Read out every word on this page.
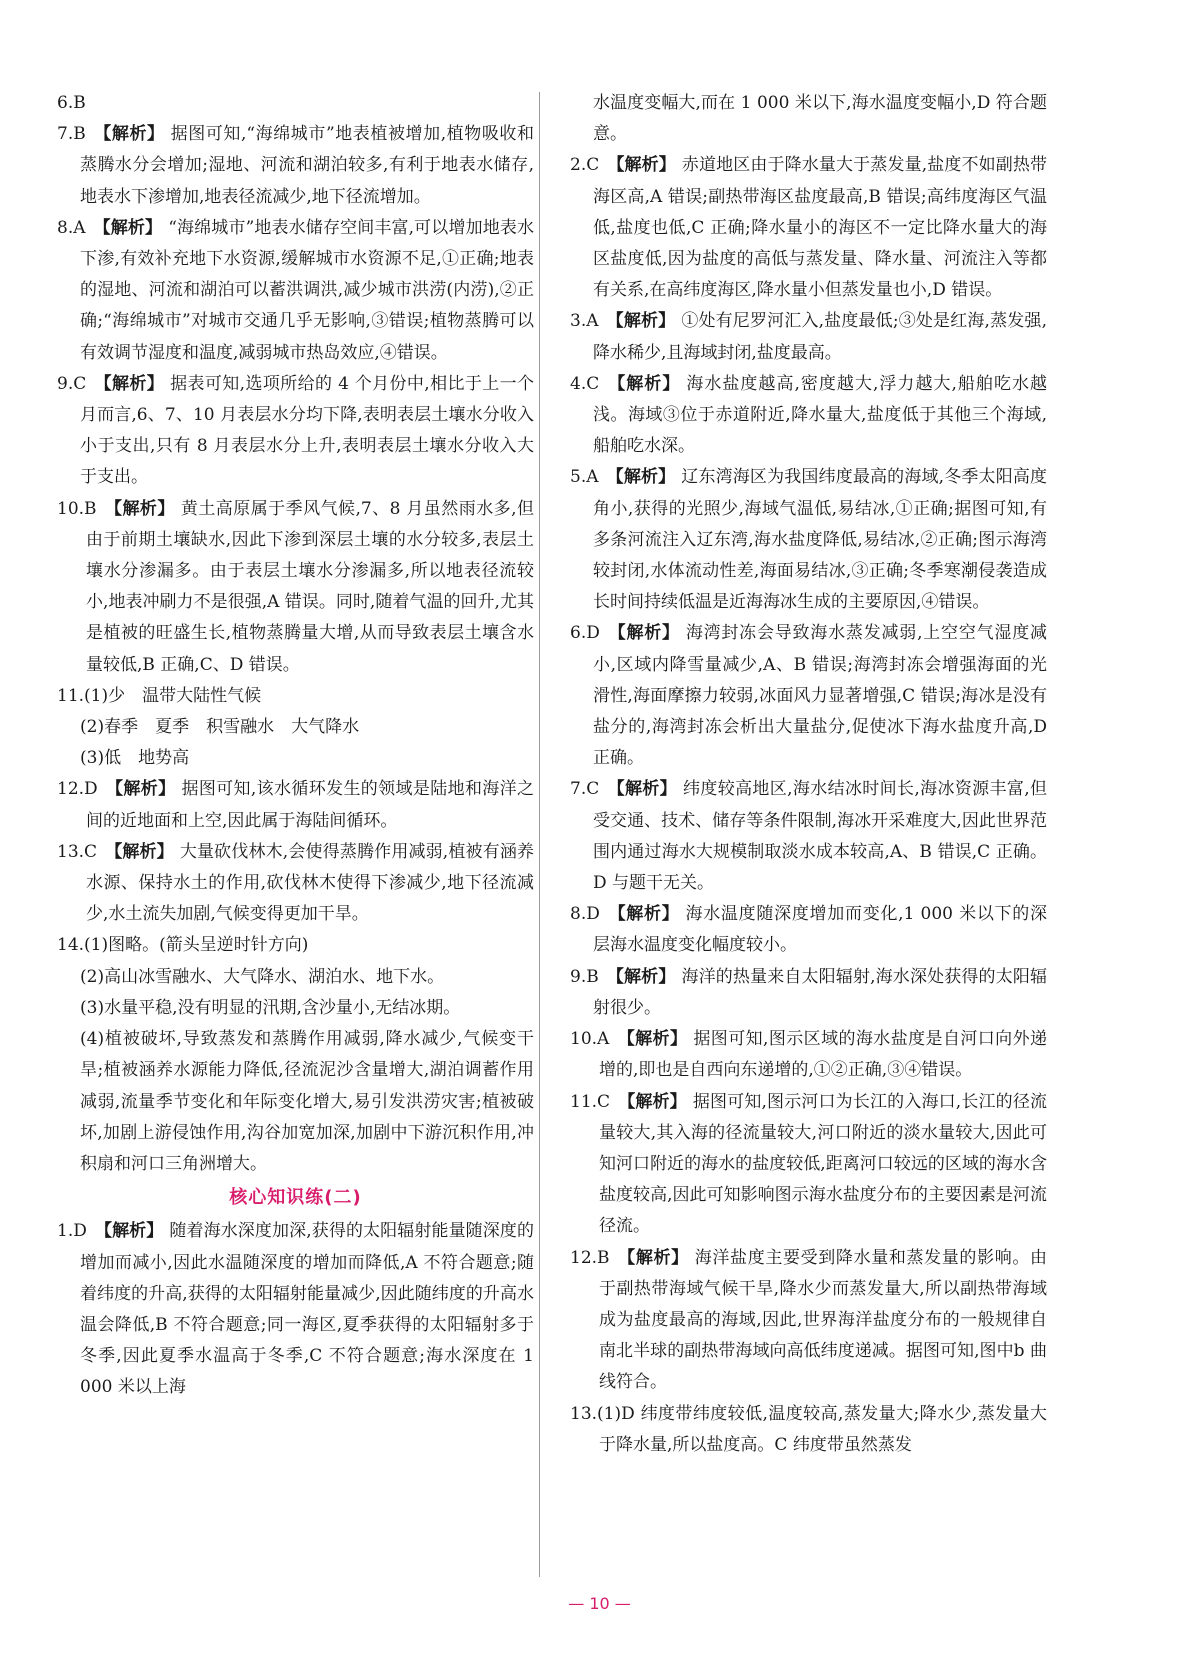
6.B

7.B 【解析】 据图可知,“海绵城市”地表植被增加,植物吸收和蒸腾水分会增加;湿地、河流和湖泊较多,有利于地表水储存,地表水下渗增加,地表径流减少,地下径流增加。

8.A 【解析】 “海绵城市”地表水储存空间丰富,可以增加地表水下渗,有效补充地下水资源,缓解城市水资源不足,①正确;地表的湿地、河流和湖泊可以蓄洪调洪,减少城市洪涝(内涝),②正确;“海绵城市”对城市交通几乎无影响,③错误;植物蒸腾可以有效调节湿度和温度,减弱城市热岛效应,④错误。

9.C 【解析】 据表可知,选项所给的 4 个月份中,相比于上一个月而言,6、7、10 月表层水分均下降,表明表层土壤水分收入小于支出,只有 8 月表层水分上升,表明表层土壤水分收入大于支出。

10.B 【解析】 黄土高原属于季风气候,7、8 月虽然雨水多,但由于前期土壤缺水,因此下渗到深层土壤的水分较多,表层土壤水分渗漏多。由于表层土壤水分渗漏多,所以地表径流较小,地表冲刷力不是很强,A 错误。同时,随着气温的回升,尤其是植被的旺盛生长,植物蒸腾量大增,从而导致表层土壤含水量较低,B 正确,C、D 错误。

11.(1)少　温带大陆性气候

(2)春季　夏季　积雪融水　大气降水

(3)低　地势高

12.D 【解析】 据图可知,该水循环发生的领域是陆地和海洋之间的近地面和上空,因此属于海陆间循环。

13.C 【解析】 大量砍伐林木,会使得蒸腾作用减弱,植被有涵养水源、保持水土的作用,砍伐林木使得下渗减少,地下径流减少,水土流失加剧,气候变得更加干旱。

14.(1)图略。(箭头呈逆时针方向)

(2)高山冰雪融水、大气降水、湖泊水、地下水。

(3)水量平稳,没有明显的汛期,含沙量小,无结冰期。

(4)植被破坏,导致蒸发和蒸腾作用减弱,降水减少,气候变干旱;植被涵养水源能力降低,径流泥沙含量增大,湖泊调蓄作用减弱,流量季节变化和年际变化增大,易引发洪涝灾害;植被破坏,加剧上游侵蚀作用,沟谷加宽加深,加剧中下游沉积作用,冲积扇和河口三角洲增大。

核心知识练(二)

1.D 【解析】 随着海水深度加深,获得的太阳辐射能量随深度的增加而减小,因此水温随深度的增加而降低,A 不符合题意;随着纬度的升高,获得的太阳辐射能量减少,因此随纬度的升高水温会降低,B 不符合题意;同一海区,夏季获得的太阳辐射多于冬季,因此夏季水温高于冬季,C 不符合题意;海水深度在 1 000 米以上海

水温度变幅大,而在 1 000 米以下,海水温度变幅小,D 符合题意。

2.C 【解析】 赤道地区由于降水量大于蒸发量,盐度不如副热带海区高,A 错误;副热带海区盐度最高,B 错误;高纬度海区气温低,盐度也低,C 正确;降水量小的海区不一定比降水量大的海区盐度低,因为盐度的高低与蒸发量、降水量、河流注入等都有关系,在高纬度海区,降水量小但蒸发量也小,D 错误。

3.A 【解析】 ①处有尼罗河汇入,盐度最低;③处是红海,蒸发强,降水稀少,且海域封闭,盐度最高。

4.C 【解析】 海水盐度越高,密度越大,浮力越大,船舶吃水越浅。海域③位于赤道附近,降水量大,盐度低于其他三个海域,船舶吃水深。

5.A 【解析】 辽东湾海区为我国纬度最高的海域,冬季太阳高度角小,获得的光照少,海域气温低,易结冰,①正确;据图可知,有多条河流注入辽东湾,海水盐度降低,易结冰,②正确;图示海湾较封闭,水体流动性差,海面易结冰,③正确;冬季寒潮侵袭造成长时间持续低温是近海海冰生成的主要原因,④错误。

6.D 【解析】 海湾封冻会导致海水蒸发减弱,上空空气湿度减小,区域内降雪量减少,A、B 错误;海湾封冻会增强海面的光滑性,海面摩擦力较弱,冰面风力显著增强,C 错误;海冰是没有盐分的,海湾封冻会析出大量盐分,促使冰下海水盐度升高,D 正确。

7.C 【解析】 纬度较高地区,海水结冰时间长,海冰资源丰富,但受交通、技术、储存等条件限制,海冰开采难度大,因此世界范围内通过海水大规模制取淡水成本较高,A、B 错误,C 正确。D 与题干无关。

8.D 【解析】 海水温度随深度增加而变化,1 000 米以下的深层海水温度变化幅度较小。

9.B 【解析】 海洋的热量来自太阳辐射,海水深处获得的太阳辐射很少。

10.A 【解析】 据图可知,图示区域的海水盐度是自河口向外递增的,即也是自西向东递增的,①②正确,③④错误。

11.C 【解析】 据图可知,图示河口为长江的入海口,长江的径流量较大,其入海的径流量较大,河口附近的淡水量较大,因此可知河口附近的海水的盐度较低,距离河口较远的区域的海水含盐度较高,因此可知影响图示海水盐度分布的主要因素是河流径流。

12.B 【解析】 海洋盐度主要受到降水量和蒸发量的影响。由于副热带海域气候干旱,降水少而蒸发量大,所以副热带海域成为盐度最高的海域,因此,世界海洋盐度分布的一般规律自南北半球的副热带海域向高低纬度递减。据图可知,图中b 曲线符合。

13.(1)D 纬度带纬度较低,温度较高,蒸发量大;降水少,蒸发量大于降水量,所以盐度高。C 纬度带虽然蒸发

— 10 —
